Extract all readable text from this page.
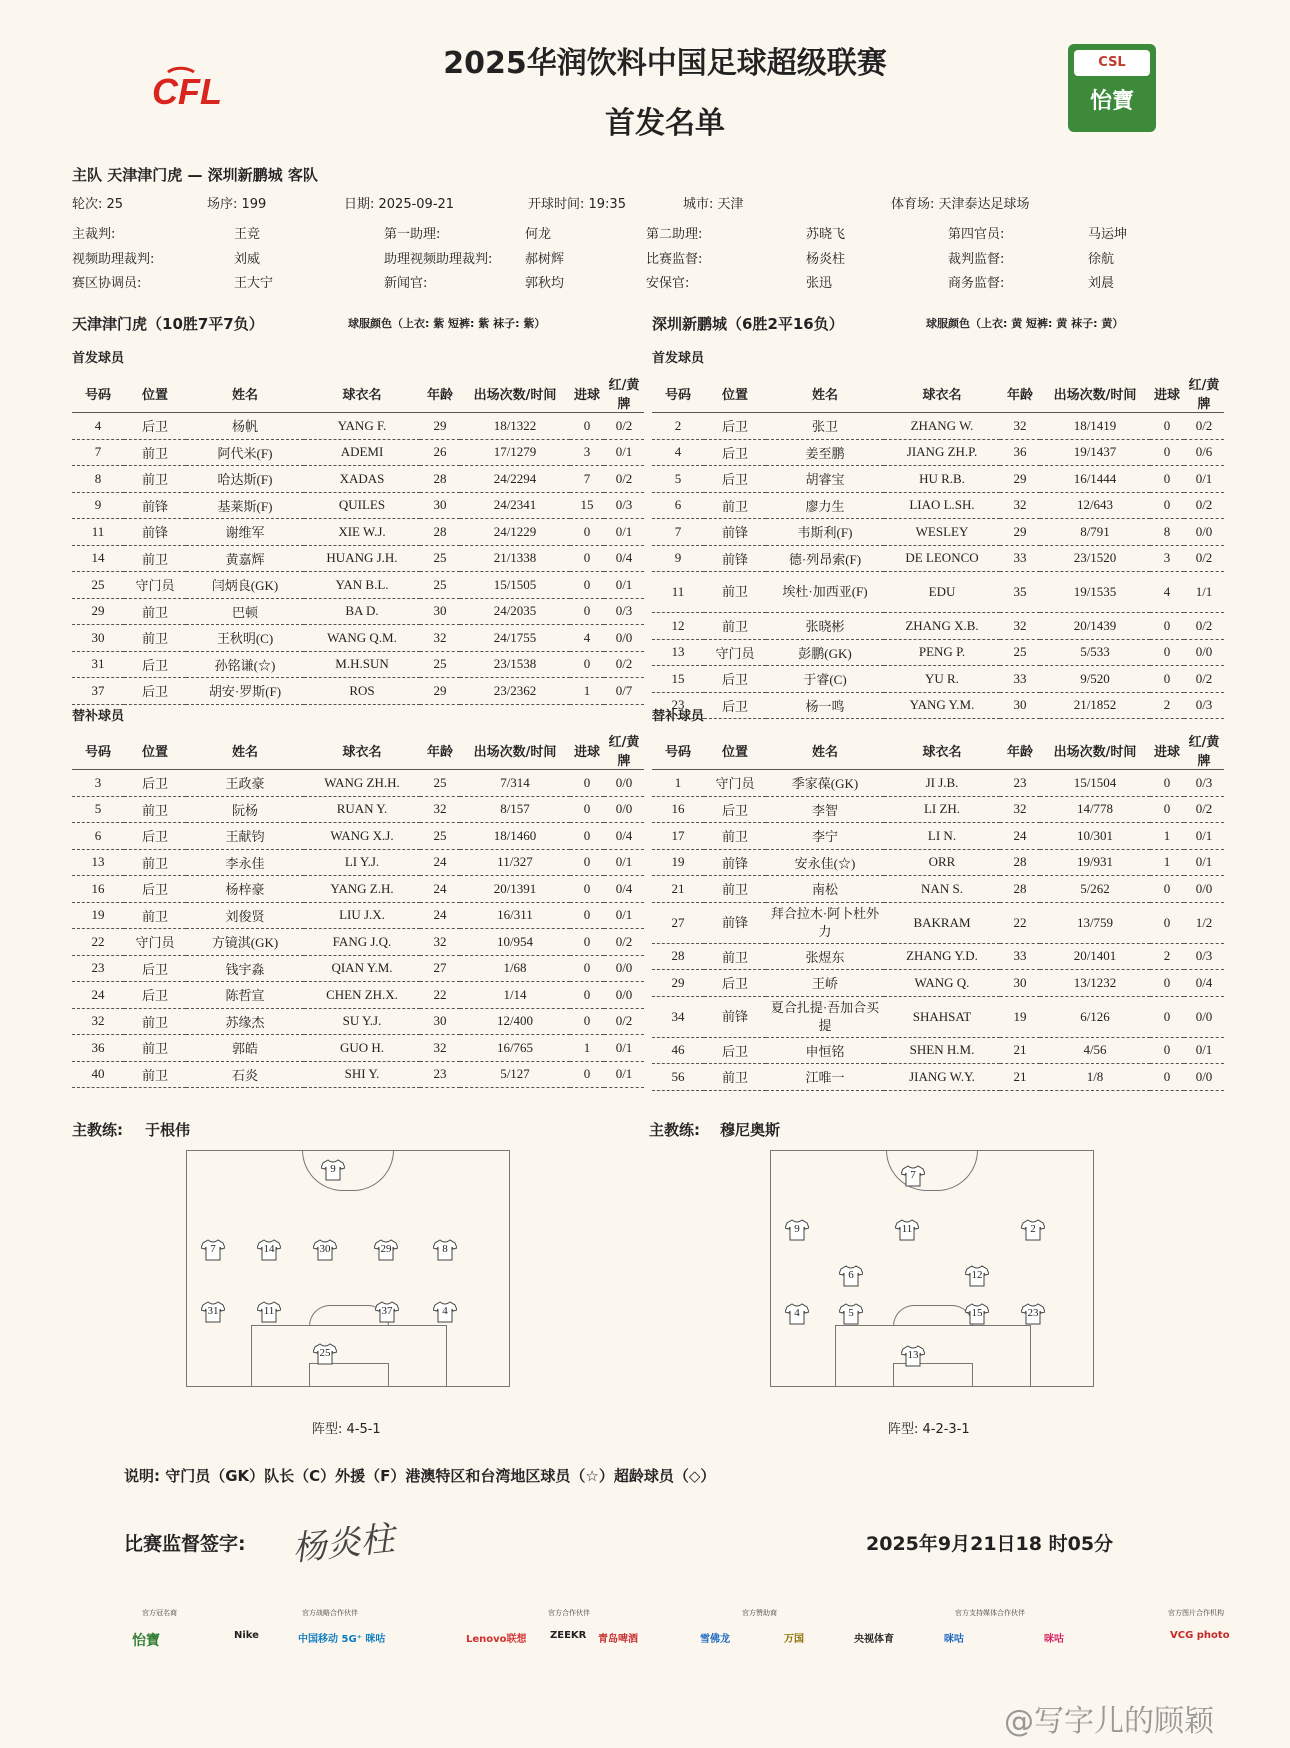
CFL
2025华润饮料中国足球超级联赛
首发名单
CSL
怡寶
主队 天津津门虎 — 深圳新鹏城 客队
轮次: 25	场序: 199	日期: 2025-09-21	开球时间: 19:35	城市: 天津	体育场: 天津泰达足球场
主裁判:	王竞	第一助理:	何龙	第二助理:	苏晓飞	第四官员:	马运坤
视频助理裁判:	刘威	助理视频助理裁判:	郝树辉	比赛监督:	杨炎柱	裁判监督:	徐航
赛区协调员:	王大宁	新闻官:	郭秋均	安保官:	张迅	商务监督:	刘晨
天津津门虎（10胜7平7负）	球服颜色（上衣: 紫 短裤: 紫 袜子: 紫）	深圳新鹏城（6胜2平16负）	球服颜色（上衣: 黄 短裤: 黄 袜子: 黄）
首发球员	首发球员
号码	位置	姓名	球衣名	年龄	出场次数/时间	进球	红/黄牌
4	后卫	杨帆	YANG F.	29	18/1322	0	0/2
7	前卫	阿代米(F)	ADEMI	26	17/1279	3	0/1
8	前卫	哈达斯(F)	XADAS	28	24/2294	7	0/2
9	前锋	基莱斯(F)	QUILES	30	24/2341	15	0/3
11	前锋	谢维军	XIE W.J.	28	24/1229	0	0/1
14	前卫	黄嘉辉	HUANG J.H.	25	21/1338	0	0/4
25	守门员	闫炳良(GK)	YAN B.L.	25	15/1505	0	0/1
29	前卫	巴顿	BA D.	30	24/2035	0	0/3
30	前卫	王秋明(C)	WANG Q.M.	32	24/1755	4	0/0
31	后卫	孙铭谦(☆)	M.H.SUN	25	23/1538	0	0/2
37	后卫	胡安·罗斯(F)	ROS	29	23/2362	1	0/7
号码	位置	姓名	球衣名	年龄	出场次数/时间	进球	红/黄牌
2	后卫	张卫	ZHANG W.	32	18/1419	0	0/2
4	后卫	姜至鹏	JIANG ZH.P.	36	19/1437	0	0/6
5	后卫	胡睿宝	HU R.B.	29	16/1444	0	0/1
6	前卫	廖力生	LIAO L.SH.	32	12/643	0	0/2
7	前锋	韦斯利(F)	WESLEY	29	8/791	8	0/0
9	前锋	德·列昂索(F)	DE LEONCO	33	23/1520	3	0/2
11	前卫	埃杜·加西亚(F)	EDU	35	19/1535	4	1/1
12	前卫	张晓彬	ZHANG X.B.	32	20/1439	0	0/2
13	守门员	彭鹏(GK)	PENG P.	25	5/533	0	0/0
15	后卫	于睿(C)	YU R.	33	9/520	0	0/2
23	后卫	杨一鸣	YANG Y.M.	30	21/1852	2	0/3
替补球员	替补球员
号码	位置	姓名	球衣名	年龄	出场次数/时间	进球	红/黄牌
3	后卫	王政豪	WANG ZH.H.	25	7/314	0	0/0
5	前卫	阮杨	RUAN Y.	32	8/157	0	0/0
6	后卫	王献钧	WANG X.J.	25	18/1460	0	0/4
13	前卫	李永佳	LI Y.J.	24	11/327	0	0/1
16	后卫	杨梓豪	YANG Z.H.	24	20/1391	0	0/4
19	前卫	刘俊贤	LIU J.X.	24	16/311	0	0/1
22	守门员	方镜淇(GK)	FANG J.Q.	32	10/954	0	0/2
23	后卫	钱宇淼	QIAN Y.M.	27	1/68	0	0/0
24	后卫	陈哲宣	CHEN ZH.X.	22	1/14	0	0/0
32	前卫	苏缘杰	SU Y.J.	30	12/400	0	0/2
36	前卫	郭皓	GUO H.	32	16/765	1	0/1
40	前卫	石炎	SHI Y.	23	5/127	0	0/1
号码	位置	姓名	球衣名	年龄	出场次数/时间	进球	红/黄牌
1	守门员	季家葆(GK)	JI J.B.	23	15/1504	0	0/3
16	后卫	李智	LI ZH.	32	14/778	0	0/2
17	前卫	李宁	LI N.	24	10/301	1	0/1
19	前锋	安永佳(☆)	ORR	28	19/931	1	0/1
21	前卫	南松	NAN S.	28	5/262	0	0/0
27	前锋	拜合拉木·阿卜杜外力	BAKRAM	22	13/759	0	1/2
28	前卫	张煜东	ZHANG Y.D.	33	20/1401	2	0/3
29	后卫	王峤	WANG Q.	30	13/1232	0	0/4
34	前锋	夏合扎提·吾加合买提	SHAHSAT	19	6/126	0	0/0
46	后卫	申恒铭	SHEN H.M.	21	4/56	0	0/1
56	前卫	江唯一	JIANG W.Y.	21	1/8	0	0/0
主教练: 于根伟	主教练: 穆尼奥斯
9
7	14	30	29	8
31	11	37	4
25
7
9	11	2
6	12
4	5	15	23
13
阵型: 4-5-1	阵型: 4-2-3-1
说明: 守门员（GK）队长（C）外援（F）港澳特区和台湾地区球员（☆）超龄球员（◇）
比赛监督签字: 杨炎柱	2025年9月21日18 时05分
官方冠名商	官方战略合作伙伴	官方合作伙伴	官方赞助商	官方支持媒体合作伙伴	官方图片合作机构
怡寶	Nike	中国移动 5G⁺ 咪咕	Lenovo联想 ZEEKR 青岛啤酒	雪佛龙	万国	央视体育	咪咕	咪咕	VCG photo
@写字儿的顾颖
